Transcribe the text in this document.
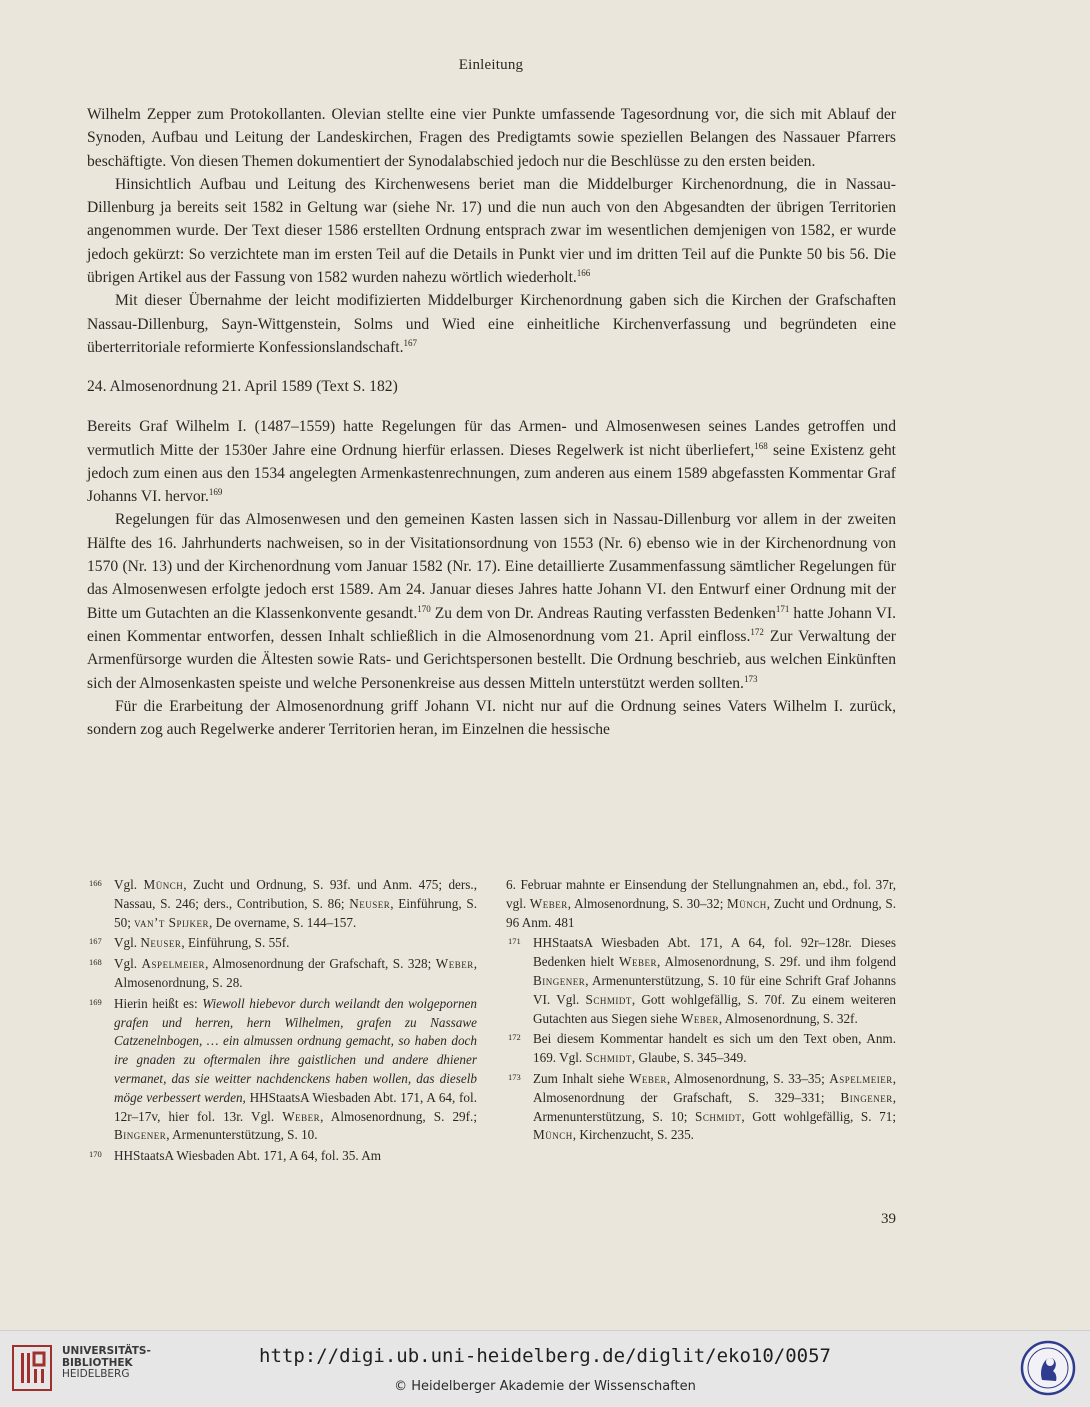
Einleitung

Wilhelm Zepper zum Protokollanten. Olevian stellte eine vier Punkte umfassende Tagesordnung vor, die sich mit Ablauf der Synoden, Aufbau und Leitung der Landeskirchen, Fragen des Predigtamts sowie speziellen Belangen des Nassauer Pfarrers beschäftigte. Von diesen Themen dokumentiert der Synodalabschied jedoch nur die Beschlüsse zu den ersten beiden.

Hinsichtlich Aufbau und Leitung des Kirchenwesens beriet man die Middelburger Kirchenordnung, die in Nassau-Dillenburg ja bereits seit 1582 in Geltung war (siehe Nr. 17) und die nun auch von den Abgesandten der übrigen Territorien angenommen wurde. Der Text dieser 1586 erstellten Ordnung entsprach zwar im wesentlichen demjenigen von 1582, er wurde jedoch gekürzt: So verzichtete man im ersten Teil auf die Details in Punkt vier und im dritten Teil auf die Punkte 50 bis 56. Die übrigen Artikel aus der Fassung von 1582 wurden nahezu wörtlich wiederholt.$^{166}$

Mit dieser Übernahme der leicht modifizierten Middelburger Kirchenordnung gaben sich die Kirchen der Grafschaften Nassau-Dillenburg, Sayn-Wittgenstein, Solms und Wied eine einheitliche Kirchenverfassung und begründeten eine überterritoriale reformierte Konfessionslandschaft.$^{167}$

24. Almosenordnung 21. April 1589 (Text S. 182)

Bereits Graf Wilhelm I. (1487–1559) hatte Regelungen für das Armen- und Almosenwesen seines Landes getroffen und vermutlich Mitte der 1530er Jahre eine Ordnung hierfür erlassen. Dieses Regelwerk ist nicht überliefert,$^{168}$ seine Existenz geht jedoch zum einen aus den 1534 angelegten Armenkastenrechnungen, zum anderen aus einem 1589 abgefassten Kommentar Graf Johanns VI. hervor.$^{169}$

Regelungen für das Almosenwesen und den gemeinen Kasten lassen sich in Nassau-Dillenburg vor allem in der zweiten Hälfte des 16. Jahrhunderts nachweisen, so in der Visitationsordnung von 1553 (Nr. 6) ebenso wie in der Kirchenordnung von 1570 (Nr. 13) und der Kirchenordnung vom Januar 1582 (Nr. 17). Eine detaillierte Zusammenfassung sämtlicher Regelungen für das Almosenwesen erfolgte jedoch erst 1589. Am 24. Januar dieses Jahres hatte Johann VI. den Entwurf einer Ordnung mit der Bitte um Gutachten an die Klassenkonvente gesandt.$^{170}$ Zu dem von Dr. Andreas Rauting verfassten Bedenken$^{171}$ hatte Johann VI. einen Kommentar entworfen, dessen Inhalt schließlich in die Almosenordnung vom 21. April einfloss.$^{172}$ Zur Verwaltung der Armenfürsorge wurden die Ältesten sowie Rats- und Gerichtspersonen bestellt. Die Ordnung beschrieb, aus welchen Einkünften sich der Almosenkasten speiste und welche Personenkreise aus dessen Mitteln unterstützt werden sollten.$^{173}$

Für die Erarbeitung der Almosenordnung griff Johann VI. nicht nur auf die Ordnung seines Vaters Wilhelm I. zurück, sondern zog auch Regelwerke anderer Territorien heran, im Einzelnen die hessische

166 Vgl. Münch, Zucht und Ordnung, S. 93f. und Anm. 475; ders., Nassau, S. 246; ders., Contribution, S. 86; Neuser, Einführung, S. 50; van’t Spijker, De overname, S. 144–157.
167 Vgl. Neuser, Einführung, S. 55f.
168 Vgl. Aspelmeier, Almosenordnung der Grafschaft, S. 328; Weber, Almosenordnung, S. 28.
169 Hierin heißt es: Wiewoll hiebevor durch weilandt den wolgepornen grafen und herren, hern Wilhelmen, grafen zu Nassawe Catzenelnbogen, … ein almussen ordnung gemacht, so haben doch ire gnaden zu oftermalen ihre gaistlichen und andere dhiener vermanet, das sie weitter nachdenckens haben wollen, das dieselb möge verbessert werden, HHStaatsA Wiesbaden Abt. 171, A 64, fol. 12r–17v, hier fol. 13r. Vgl. Weber, Almosenordnung, S. 29f.; Bingener, Armenunterstützung, S. 10.
170 HHStaatsA Wiesbaden Abt. 171, A 64, fol. 35. Am
6. Februar mahnte er Einsendung der Stellungnahmen an, ebd., fol. 37r, vgl. Weber, Almosenordnung, S. 30–32; Münch, Zucht und Ordnung, S. 96 Anm. 481
171 HHStaatsA Wiesbaden Abt. 171, A 64, fol. 92r–128r. Dieses Bedenken hielt Weber, Almosenordnung, S. 29f. und ihm folgend Bingener, Armenunterstützung, S. 10 für eine Schrift Graf Johanns VI. Vgl. Schmidt, Gott wohlgefällig, S. 70f. Zu einem weiteren Gutachten aus Siegen siehe Weber, Almosenordnung, S. 32f.
172 Bei diesem Kommentar handelt es sich um den Text oben, Anm. 169. Vgl. Schmidt, Glaube, S. 345–349.
173 Zum Inhalt siehe Weber, Almosenordnung, S. 33–35; Aspelmeier, Almosenordnung der Grafschaft, S. 329–331; Bingener, Armenunterstützung, S. 10; Schmidt, Gott wohlgefällig, S. 71; Münch, Kirchenzucht, S. 235.
39
UNIVERSITÄTS-
BIBLIOTHEK
HEIDELBERG
http://digi.ub.uni-heidelberg.de/diglit/eko10/0057
© Heidelberger Akademie der Wissenschaften
